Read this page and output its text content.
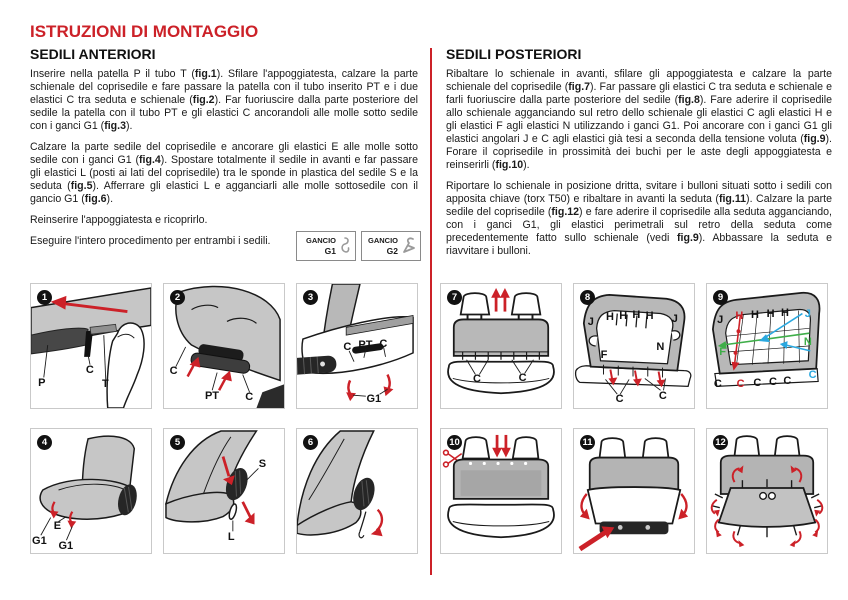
ISTRUZIONI DI MONTAGGIO
SEDILI ANTERIORI

Inserire nella patella P il tubo T (fig.1). Sfilare l'appoggiatesta, calzare la parte schienale del coprisedile e fare passare la patella con il tubo inserito PT e i due elastici C tra seduta e schienale (fig.2). Far fuoriuscire dalla parte posteriore del sedile la patella con il tubo PT e gli elastici C ancorandoli alle molle sotto sedile con i ganci G1 (fig.3).

Calzare la parte sedile del coprisedile e ancorare gli elastici E alle molle sotto sedile con i ganci G1 (fig.4). Spostare totalmente il sedile in avanti e far passare gli elastici L (posti ai lati del coprisedile) tra le sponde in plastica del sedile S e la seduta (fig.5). Afferrare gli elastici L e agganciarli alle molle sottosedile con il gancio G1 (fig.6).

Reinserire l'appoggiatesta e ricoprirlo.

Eseguire l'intero procedimento per entrambi i sedili.	GANCIO
G1
GANCIO
G2
SEDILI POSTERIORI

Ribaltare lo schienale in avanti, sfilare gli appoggiatesta e calzare la parte schienale del coprisedile (fig.7). Far passare gli elastici C tra seduta e schienale e farli fuoriuscire dalla parte posteriore del sedile (fig.8). Fare aderire il coprisedile allo schienale agganciando sul retro dello schienale gli elastici C agli elastici H e gli elastici F agli elastici N utilizzando i ganci G1. Poi ancorare con i ganci G1 gli elastici angolari J e C agli elastici già tesi a seconda della tensione voluta (fig.9). Forare il coprisedile in prossimità dei buchi per le aste degli appoggiatesta e reinserirli (fig.10).

Riportare lo schienale in posizione dritta, svitare i bulloni situati sotto i sedili con apposita chiave (torx T50) e ribaltare in avanti la seduta (fig.11). Calzare la parte sedile del coprisedile (fig.12) e fare aderire il coprisedile alla seduta agganciando, con i ganci G1, gli elastici perimetrali sul retro della seduta come precedentemente fatto sullo schienale (vedi fig.9). Abbassare la seduta e riavvitare i bulloni.

1
P
C
T
2
C
PT C
3
C PT C
G1
4
G1
E
G1
5
S
L
6
7
C	C
8
J H H H H J
F
N
C	C
9
J H H H H J
F
N
C C C C C
C
10	11	12
